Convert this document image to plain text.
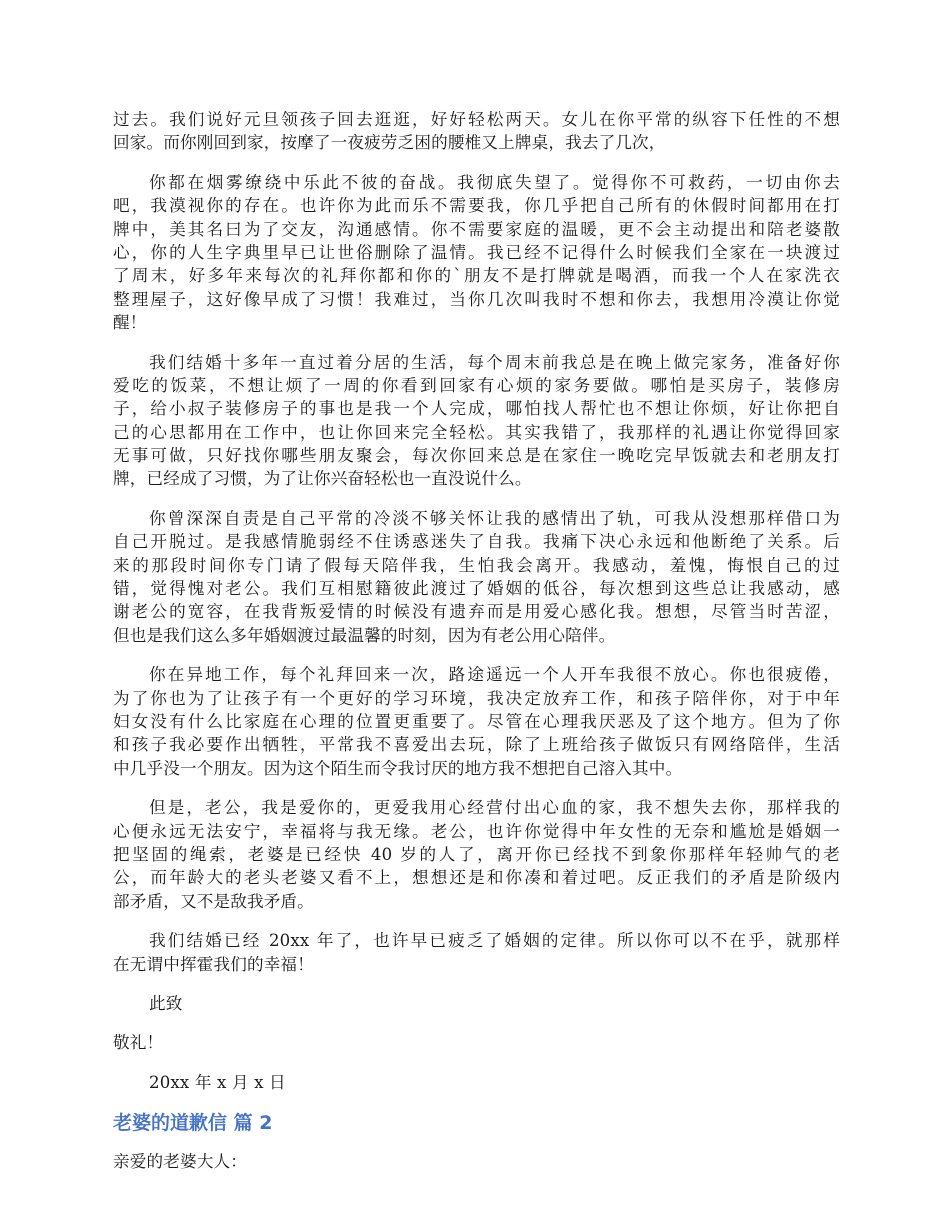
过去。我们说好元旦领孩子回去逛逛，好好轻松两天。女儿在你平常的纵容下任性的不想
回家。而你刚回到家，按摩了一夜疲劳乏困的腰椎又上牌桌，我去了几次，
你都在烟雾缭绕中乐此不彼的奋战。我彻底失望了。觉得你不可救药，一切由你去
吧，我漠视你的存在。也许你为此而乐不需要我，你几乎把自己所有的休假时间都用在打
牌中，美其名曰为了交友，沟通感情。你不需要家庭的温暖，更不会主动提出和陪老婆散
心，你的人生字典里早已让世俗删除了温情。我已经不记得什么时候我们全家在一块渡过
了周末，好多年来每次的礼拜你都和你的`朋友不是打牌就是喝酒，而我一个人在家洗衣
整理屋子，这好像早成了习惯！我难过，当你几次叫我时不想和你去，我想用冷漠让你觉
醒！
我们结婚十多年一直过着分居的生活，每个周末前我总是在晚上做完家务，准备好你
爱吃的饭菜，不想让烦了一周的你看到回家有心烦的家务要做。哪怕是买房子，装修房
子，给小叔子装修房子的事也是我一个人完成，哪怕找人帮忙也不想让你烦，好让你把自
己的心思都用在工作中，也让你回来完全轻松。其实我错了，我那样的礼遇让你觉得回家
无事可做，只好找你哪些朋友聚会，每次你回来总是在家住一晚吃完早饭就去和老朋友打
牌，已经成了习惯，为了让你兴奋轻松也一直没说什么。
你曾深深自责是自己平常的冷淡不够关怀让我的感情出了轨，可我从没想那样借口为
自己开脱过。是我感情脆弱经不住诱惑迷失了自我。我痛下决心永远和他断绝了关系。后
来的那段时间你专门请了假每天陪伴我，生怕我会离开。我感动，羞愧，悔恨自己的过
错，觉得愧对老公。我们互相慰籍彼此渡过了婚姻的低谷，每次想到这些总让我感动，感
谢老公的宽容，在我背叛爱情的时候没有遗弃而是用爱心感化我。想想，尽管当时苦涩，
但也是我们这么多年婚姻渡过最温馨的时刻，因为有老公用心陪伴。
你在异地工作，每个礼拜回来一次，路途遥远一个人开车我很不放心。你也很疲倦，
为了你也为了让孩子有一个更好的学习环境，我决定放弃工作，和孩子陪伴你，对于中年
妇女没有什么比家庭在心理的位置更重要了。尽管在心理我厌恶及了这个地方。但为了你
和孩子我必要作出牺牲，平常我不喜爱出去玩，除了上班给孩子做饭只有网络陪伴，生活
中几乎没一个朋友。因为这个陌生而令我讨厌的地方我不想把自己溶入其中。
但是，老公，我是爱你的，更爱我用心经营付出心血的家，我不想失去你，那样我的
心便永远无法安宁，幸福将与我无缘。老公，也许你觉得中年女性的无奈和尴尬是婚姻一
把坚固的绳索，老婆是已经快 40 岁的人了，离开你已经找不到象你那样年轻帅气的老
公，而年龄大的老头老婆又看不上，想想还是和你凑和着过吧。反正我们的矛盾是阶级内
部矛盾，又不是敌我矛盾。
我们结婚已经 20xx 年了，也许早已疲乏了婚姻的定律。所以你可以不在乎，就那样
在无谓中挥霍我们的幸福！
此致
敬礼！
20xx 年 x 月 x 日
老婆的道歉信 篇 2
亲爱的老婆大人：
